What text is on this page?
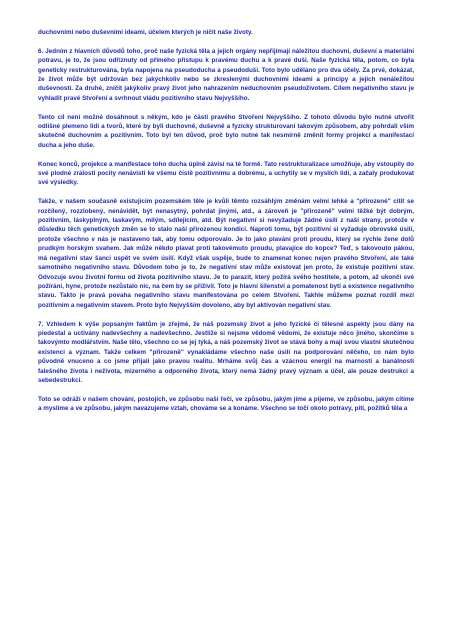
duchovními nebo duševními ideami, účelem kterých je ničit naše životy.

6. Jedním z hlavních důvodů toho, proč naše fyzická těla a jejich orgány nepřijímají náležitou duchovní, duševní a materiální potravu, je to, že jsou odříznuty od přímého přístupu k pravému duchu a k pravé duši. Naše fyzická těla, potom, co byla geneticky restrukturována, byla napojena na pseudoducha a pseudoduši. Toto bylo uděláno pro dva účely. Za prvé, dokázat, že život může být udržován bez jakýchkoliv nebo se zkreslenými duchovními ideami a principy a jejich nenáležitou duševností. Za druhé, zničit jakýkoliv pravý život jeho nahrazením neduchovním pseudoživotem. Cílem negativního stavu je vyhladit pravé Stvoření a svrhnout vládu pozitivního stavu Nejvyššího.

Tento cíl není možné dosáhnout s někým, kdo je částí pravého Stvoření Nejvyššího. Z tohoto důvodu bylo nutné utvořit odlišné plemeno lidí a tvorů, které by byli duchovně, duševně a fyzicky strukturovaní takovým způsobem, aby pohrdali vším skutečně duchovním a pozitivním. Toto byl ten důvod, proč bylo nutné tak nesmírně změnit formy projekcí a manifestací ducha a jeho duše.

Konec konců, projekce a manifestace toho ducha úplně závisí na té formě. Tato restrukturalizace umožňuje, aby vstoupily do své plodné zrálosti pocity nenávisti ke všemu čistě pozitivnímu a dobrému, a uchytily se v myslích lidí, a začaly produkovat své výsledky.

Takže, v našem současně existujícím pozemském těle je kvůli těmto rozsáhlým změnám velmi lehké a "přirozené" cítit se rozčílený, rozzlobený, nenávidět, být nenasytný, pohrdat jinými, atd., a zároveň je "přirozeně" velmi těžké být dobrým, pozitivním, láskyplným, laskavým, milým, sdílejícím, atd. Být negativní si nevyžaduje žádné úsilí z naší strany, protože v důsledku těch genetických změn se to stalo naší přirozenou kondicí. Naproti tomu, být pozitivní si vyžaduje obrovské úsilí, protože všechno v nás je nastaveno tak, aby tomu odporovalo. Je to jako plavání proti proudu, který se rychle žene dolů prudkým horským svahem. Jak může někdo plavat proti takovémuto proudu, plavajíce do kopce? Teď, s takovouto pákou, má negativní stav šanci uspět ve svém úsilí. Když však uspěje, bude to znamenat konec nejen pravého Stvoření, ale také samotného negativního stavu. Důvodem toho je to, že negativní stav může existovat jen proto, že existuje pozitivní stav. Odvozuje svou životní formu od života pozitivního stavu. Je to parazit, který požírá svého hostitele, a potom, až ukončí své požírání, hyne, protože nezůstalo nic, na čem by se přiživil. Toto je hlavní šílenství a pomatenost bytí a existence negativního stavu. Takto je pravá povaha negativního stavu manifestována po celém Stvoření. Takhle můžeme poznat rozdíl mezi pozitivním a negativním stavem. Proto bylo Nejvyšším dovoleno, aby byl aktivován negativní stav.

7. Vzhledem k výše popsaným faktům je zřejmé, že náš pozemský život a jeho fyzické či tělesné aspekty jsou dány na piedestal a uctívány nadevšechny a nadevšechno. Jestliže si nejsme vědomě vědomi, že existuje něco jiného, skončíme s takovýmto modlářstvím. Naše tělo, všechno co se jej týká, a náš pozemský život se stává bohy a mají svou vlastní skutečnou existenci a význam. Takže celkem "přirozeně" vynakládáme všechno naše úsilí na podporování něčeho, co nám bylo původně vnuceno a co jsme přijali jako pravou realitu. Mrháme svůj čas a vzácnou energii na marnosti a banálnosti falešného života i neživota, mizerného a odporného života, který nemá žádný pravý význam a účel, ale pouze destrukci a sebedestrukci.

Toto se odráží v našem chování, postojích, ve způsobu naší řeči, ve způsobu, jakým jíme a pijeme, ve způsobu, jakým cítíme a myslíme a ve způsobu, jakým navazujeme vztah, chováme se a konáme. Všechno se točí okolo potravy, pití, požitků těla a
